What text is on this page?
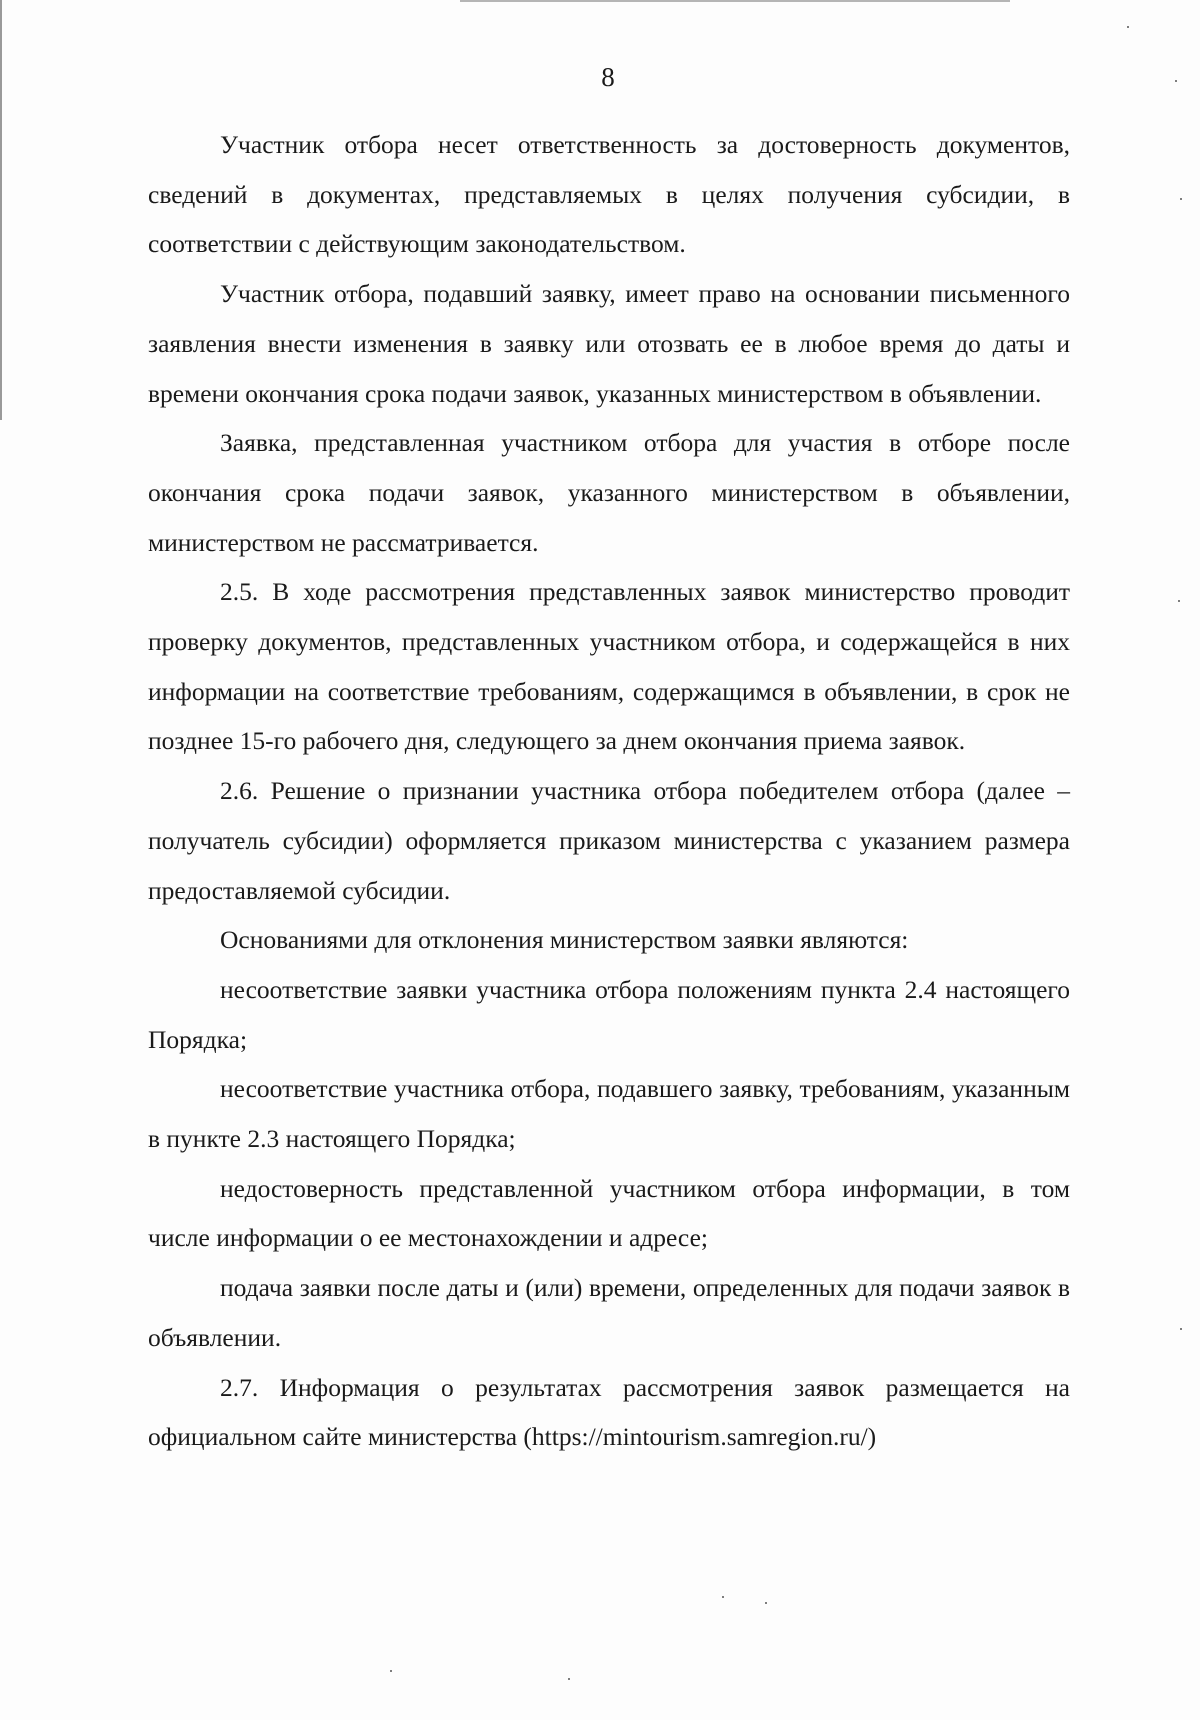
8

Участник отбора несет ответственность за достоверность документов, сведений в документах, представляемых в целях получения субсидии, в соответствии с действующим законодательством.

Участник отбора, подавший заявку, имеет право на основании письменного заявления внести изменения в заявку или отозвать ее в любое время до даты и времени окончания срока подачи заявок, указанных министерством в объявлении.

Заявка, представленная участником отбора для участия в отборе после окончания срока подачи заявок, указанного министерством в объявлении, министерством не рассматривается.

2.5. В ходе рассмотрения представленных заявок министерство проводит проверку документов, представленных участником отбора, и содержащейся в них информации на соответствие требованиям, содержащимся в объявлении, в срок не позднее 15-го рабочего дня, следующего за днем окончания приема заявок.

2.6. Решение о признании участника отбора победителем отбора (далее – получатель субсидии) оформляется приказом министерства с указанием размера предоставляемой субсидии.

Основаниями для отклонения министерством заявки являются:

несоответствие заявки участника отбора положениям пункта 2.4 настоящего Порядка;

несоответствие участника отбора, подавшего заявку, требованиям, указанным в пункте 2.3 настоящего Порядка;

недостоверность представленной участником отбора информации, в том числе информации о ее местонахождении и адресе;

подача заявки после даты и (или) времени, определенных для подачи заявок в объявлении.

2.7. Информация о результатах рассмотрения заявок размещается на официальном сайте министерства (https://mintourism.samregion.ru/)
